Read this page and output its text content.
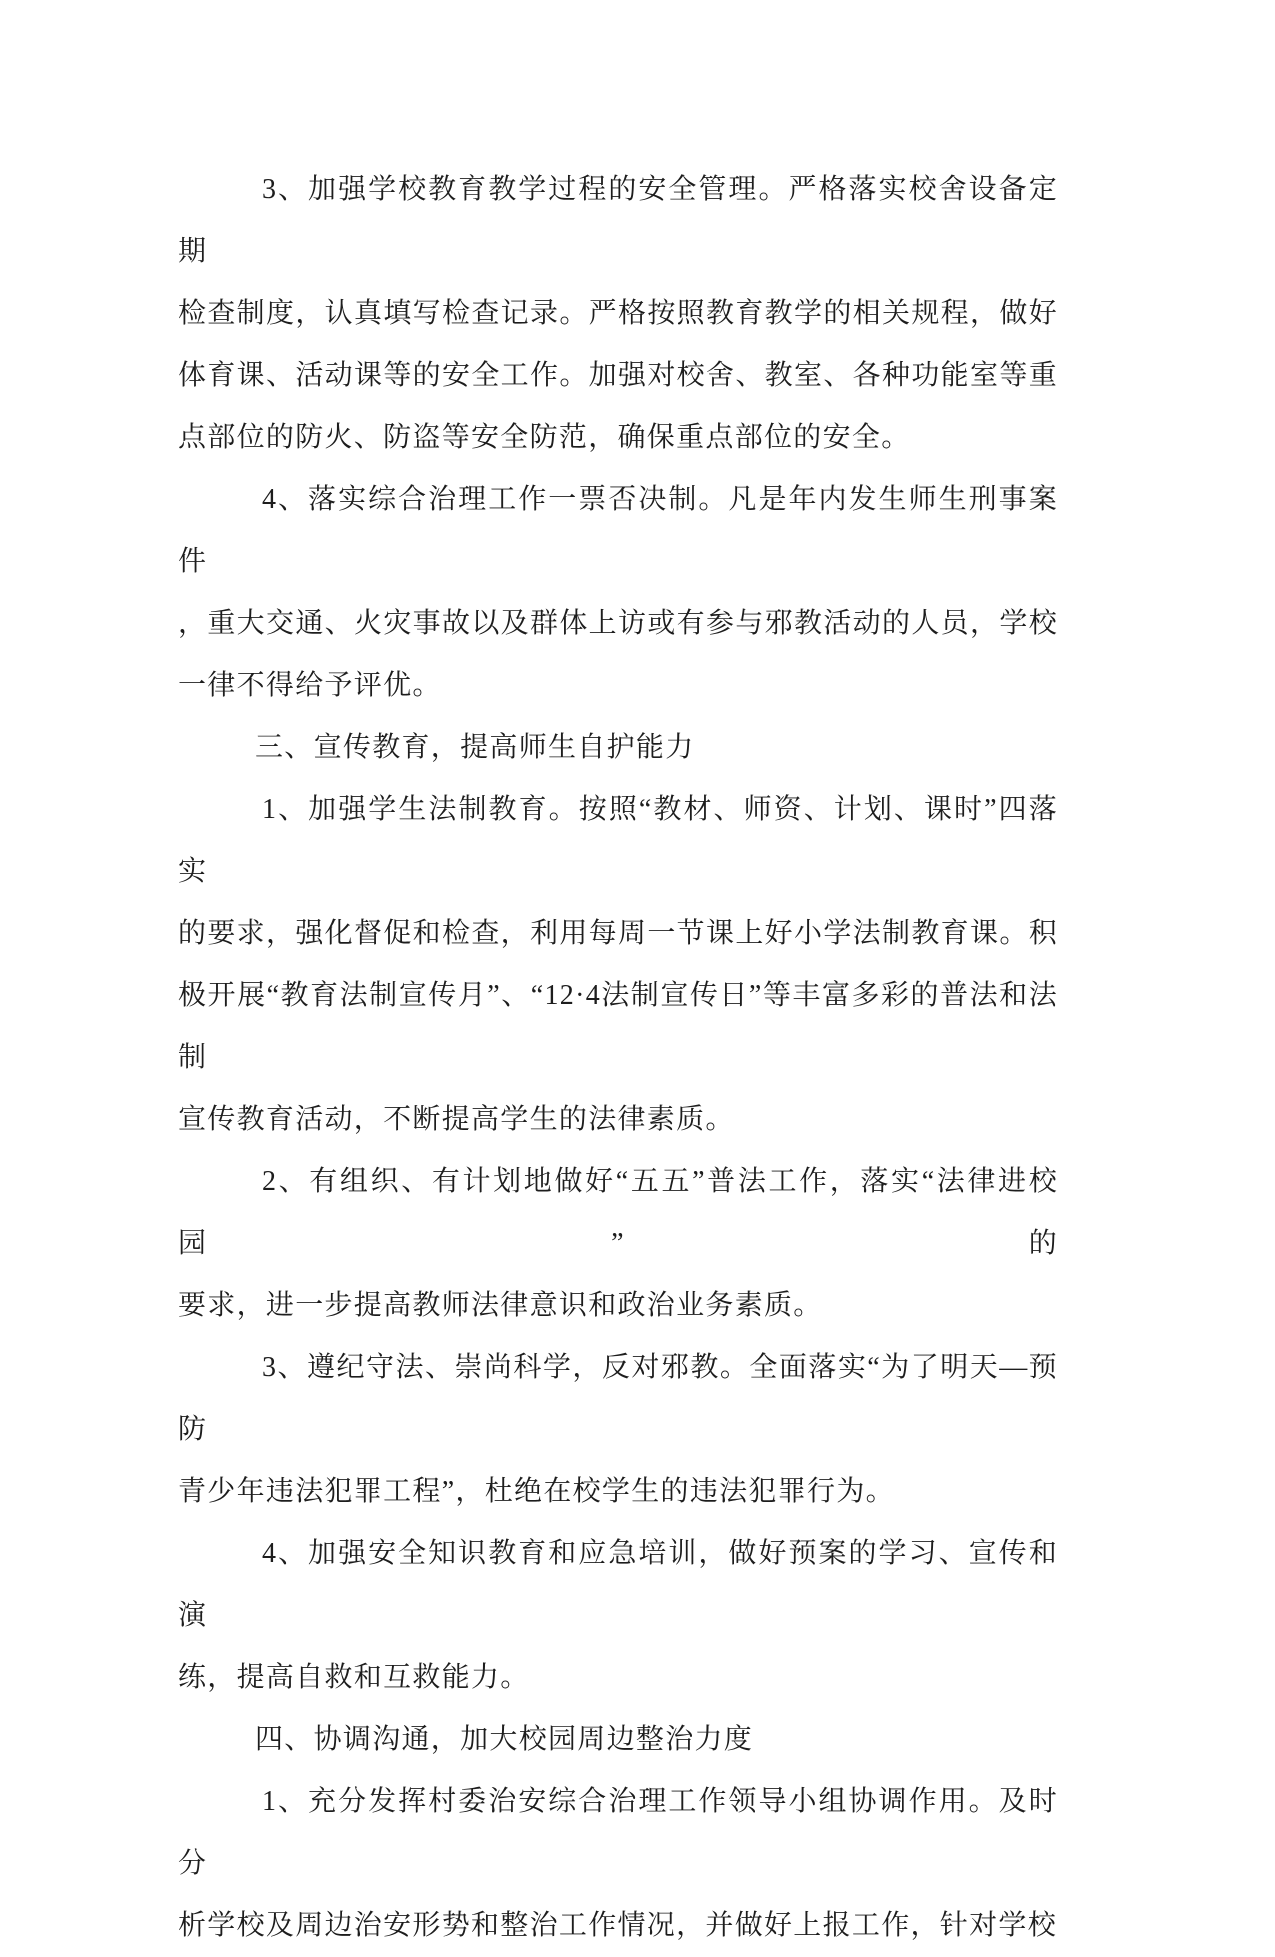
3、加强学校教育教学过程的安全管理。严格落实校舍设备定期
检查制度，认真填写检查记录。严格按照教育教学的相关规程，做好
体育课、活动课等的安全工作。加强对校舍、教室、各种功能室等重
点部位的防火、防盗等安全防范，确保重点部位的安全。
4、落实综合治理工作一票否决制。凡是年内发生师生刑事案件
，重大交通、火灾事故以及群体上访或有参与邪教活动的人员，学校
一律不得给予评优。
三、宣传教育，提高师生自护能力
1、加强学生法制教育。按照“教材、师资、计划、课时”四落实
的要求，强化督促和检查，利用每周一节课上好小学法制教育课。积
极开展“教育法制宣传月”、“12·4法制宣传日”等丰富多彩的普法和法制
宣传教育活动，不断提高学生的法律素质。
2、有组织、有计划地做好“五五”普法工作，落实“法律进校园”的
要求，进一步提高教师法律意识和政治业务素质。
3、遵纪守法、崇尚科学，反对邪教。全面落实“为了明天—预防
青少年违法犯罪工程”，杜绝在校学生的违法犯罪行为。
4、加强安全知识教育和应急培训，做好预案的学习、宣传和演
练，提高自救和互救能力。
四、协调沟通，加大校园周边整治力度
1、充分发挥村委治安综合治理工作领导小组协调作用。及时分
析学校及周边治安形势和整治工作情况，并做好上报工作，针对学校
